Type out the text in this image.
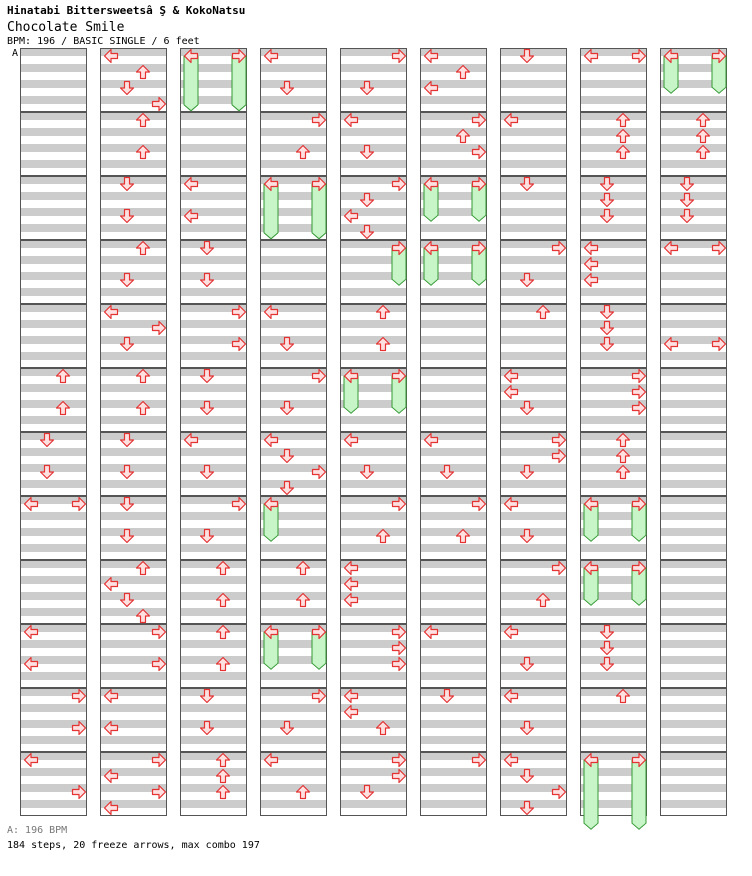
Hinatabi Bittersweetsâ Ş & KokoNatsu
Chocolate Smile
BPM: 196 / BASIC SINGLE / 6 feet
A
A: 196 BPM
184 steps, 20 freeze arrows, max combo 197
